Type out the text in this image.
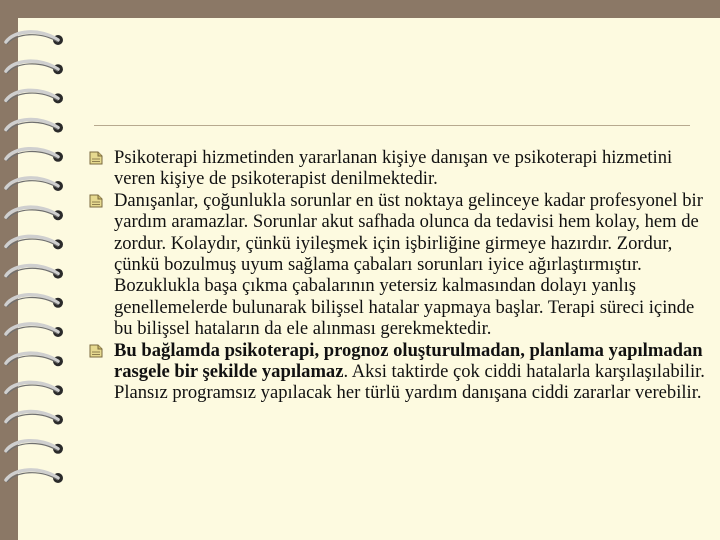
Psikoterapi hizmetinden yararlanan kişiye danışan ve psikoterapi hizmetini veren kişiye de psikoterapist denilmektedir.
Danışanlar, çoğunlukla sorunlar en üst noktaya gelinceye kadar profesyonel bir yardım aramazlar. Sorunlar akut safhada olunca da tedavisi hem kolay, hem de zordur. Kolaydır, çünkü iyileşmek için işbirliğine girmeye hazırdır. Zordur, çünkü bozulmuş uyum sağlama çabaları sorunları iyice ağırlaştırmıştır. Bozuklukla başa çıkma çabalarının yetersiz kalmasından dolayı yanlış genellemelerde bulunarak bilişsel hatalar yapmaya başlar. Terapi süreci içinde bu bilişsel hataların da ele alınması gerekmektedir.
Bu bağlamda psikoterapi, prognoz oluşturulmadan, planlama yapılmadan rasgele bir şekilde yapılamaz. Aksi taktirde çok ciddi hatalarla karşılaşılabilir. Plansız programsız yapılacak her türlü yardım danışana ciddi zararlar verebilir.
